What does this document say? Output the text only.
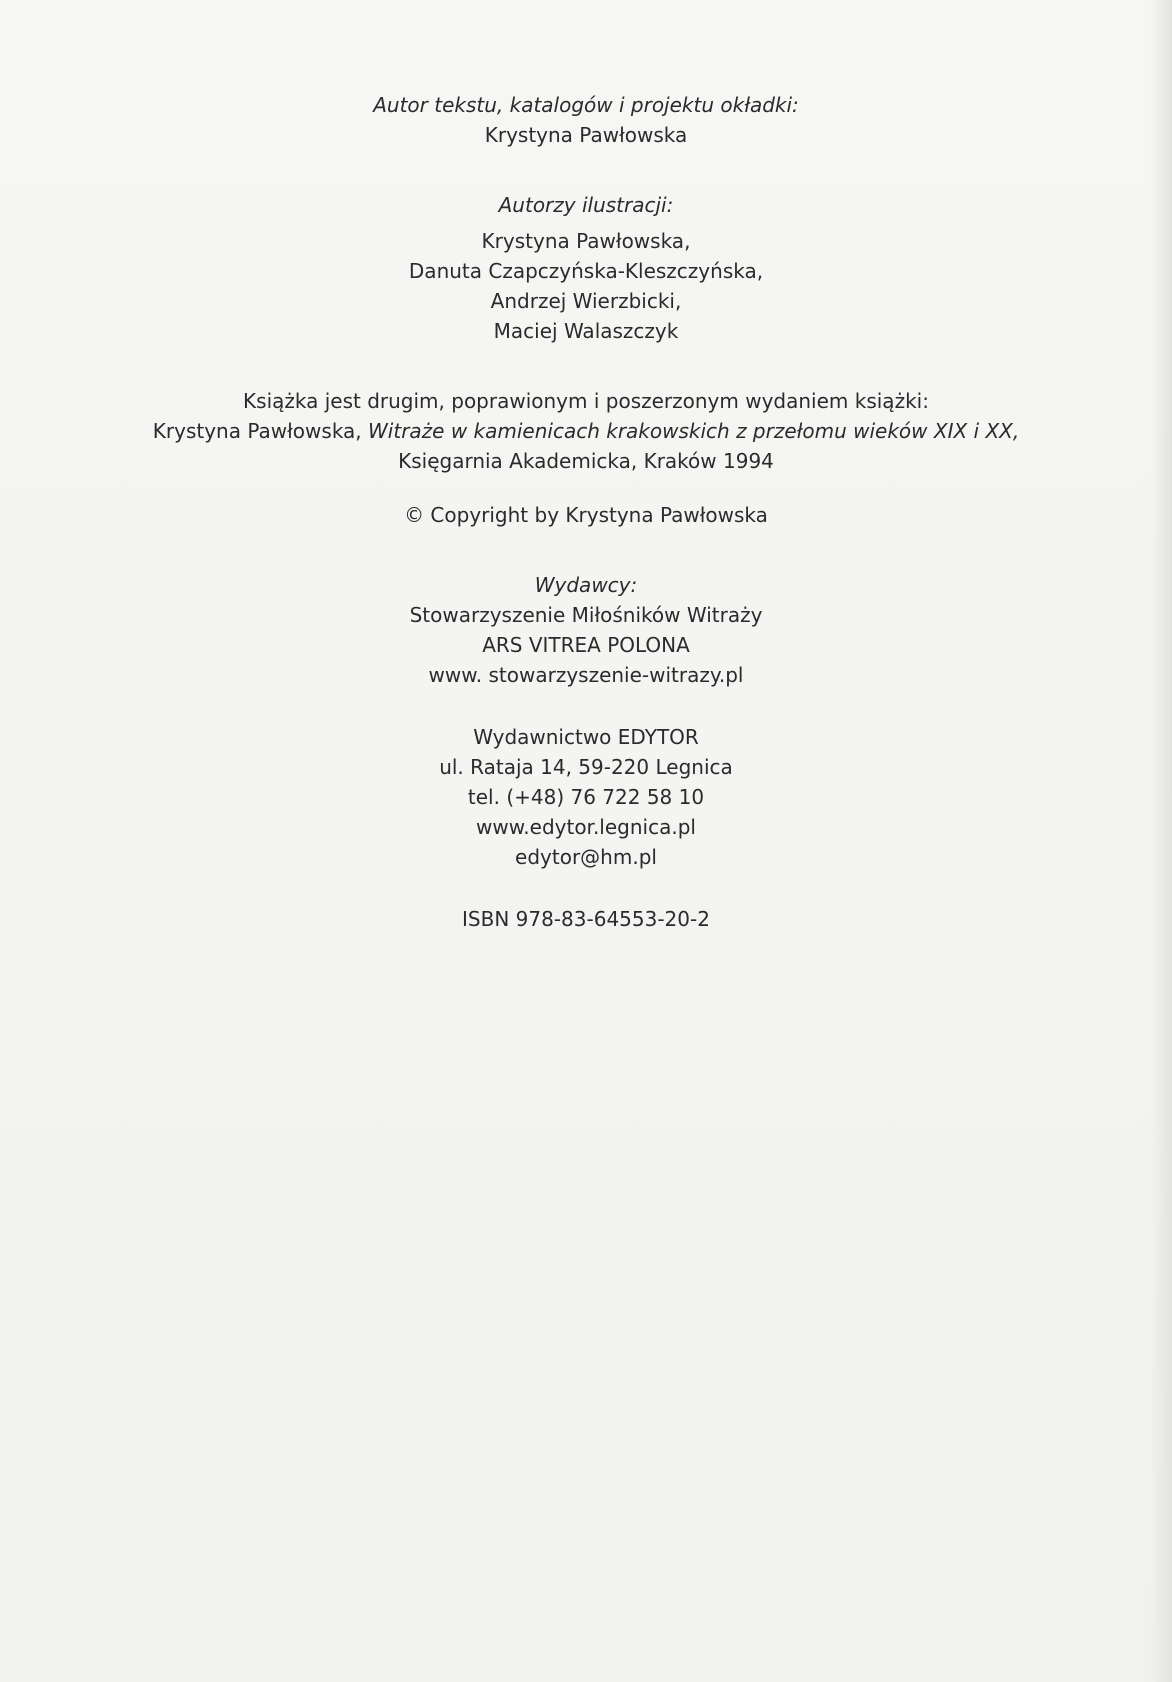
Autor tekstu, katalogów i projektu okładki:
Krystyna Pawłowska
Autorzy ilustracji:
Krystyna Pawłowska,
Danuta Czapczyńska-Kleszczyńska,
Andrzej Wierzbicki,
Maciej Walaszczyk
Książka jest drugim, poprawionym i poszerzonym wydaniem książki:
Krystyna Pawłowska, Witraże w kamienicach krakowskich z przełomu wieków XIX i XX,
Księgarnia Akademicka, Kraków 1994
© Copyright by Krystyna Pawłowska
Wydawcy:
Stowarzyszenie Miłośników Witraży
ARS VITREA POLONA
www. stowarzyszenie-witrazy.pl
Wydawnictwo EDYTOR
ul. Rataja 14, 59-220 Legnica
tel. (+48) 76 722 58 10
www.edytor.legnica.pl
edytor@hm.pl
ISBN 978-83-64553-20-2
